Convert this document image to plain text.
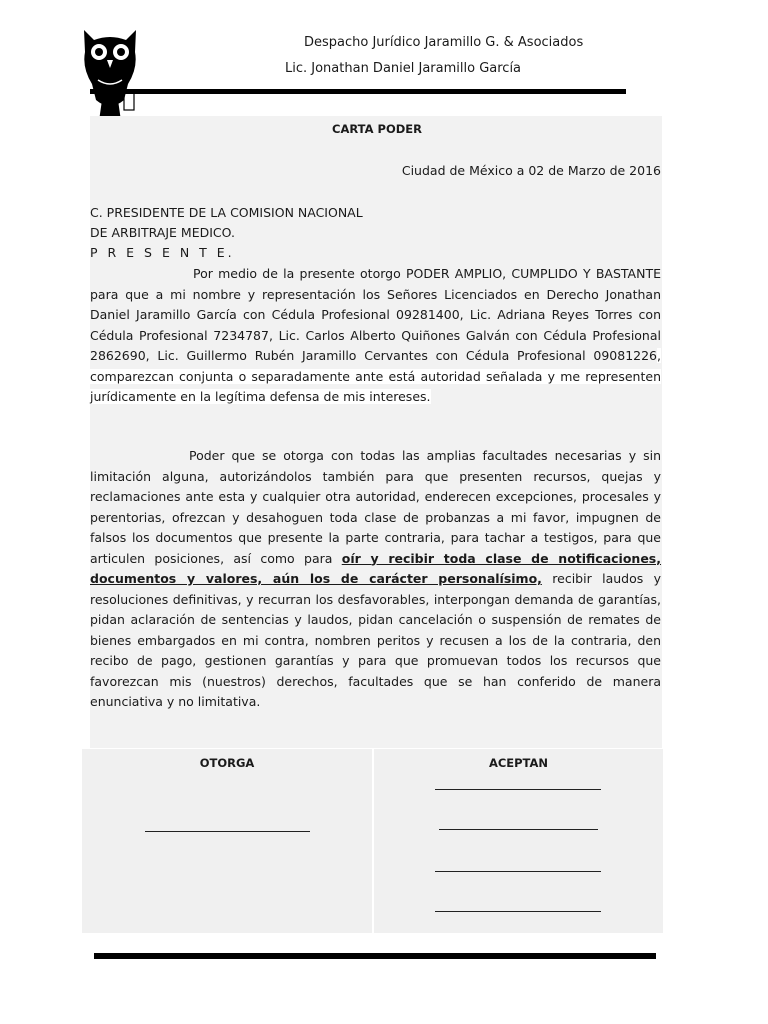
Despacho Jurídico Jaramillo G. & Asociados
Lic. Jonathan Daniel Jaramillo García
CARTA PODER
Ciudad de México a 02 de Marzo de 2016
C. PRESIDENTE DE LA COMISION NACIONAL
DE ARBITRAJE MEDICO.
P R E S E N T E.
Por medio de la presente otorgo PODER AMPLIO, CUMPLIDO Y BASTANTE para que a mi nombre y representación los Señores Licenciados en Derecho Jonathan Daniel Jaramillo García con Cédula Profesional 09281400, Lic. Adriana Reyes Torres con Cédula Profesional 7234787, Lic. Carlos Alberto Quiñones Galván con Cédula Profesional 2862690, Lic. Guillermo Rubén Jaramillo Cervantes con Cédula Profesional 09081226, comparezcan conjunta o separadamente ante está autoridad señalada y me representen jurídicamente en la legítima defensa de mis intereses.
Poder que se otorga con todas las amplias facultades necesarias y sin limitación alguna, autorizándolos también para que presenten recursos, quejas y reclamaciones ante esta y cualquier otra autoridad, enderecen excepciones, procesales y perentorias, ofrezcan y desahoguen toda clase de probanzas a mi favor, impugnen de falsos los documentos que presente la parte contraria, para tachar a testigos, para que articulen posiciones, así como para oír y recibir toda clase de notificaciones, documentos y valores, aún los de carácter personalísimo, recibir laudos y resoluciones definitivas, y recurran los desfavorables, interpongan demanda de garantías, pidan aclaración de sentencias y laudos, pidan cancelación o suspensión de remates de bienes embargados en mi contra, nombren peritos y recusen a los de la contraria, den recibo de pago, gestionen garantías y para que promuevan todos los recursos que favorezcan mis (nuestros) derechos, facultades que se han conferido de manera enunciativa y no limitativa.
OTORGA	ACEPTAN
